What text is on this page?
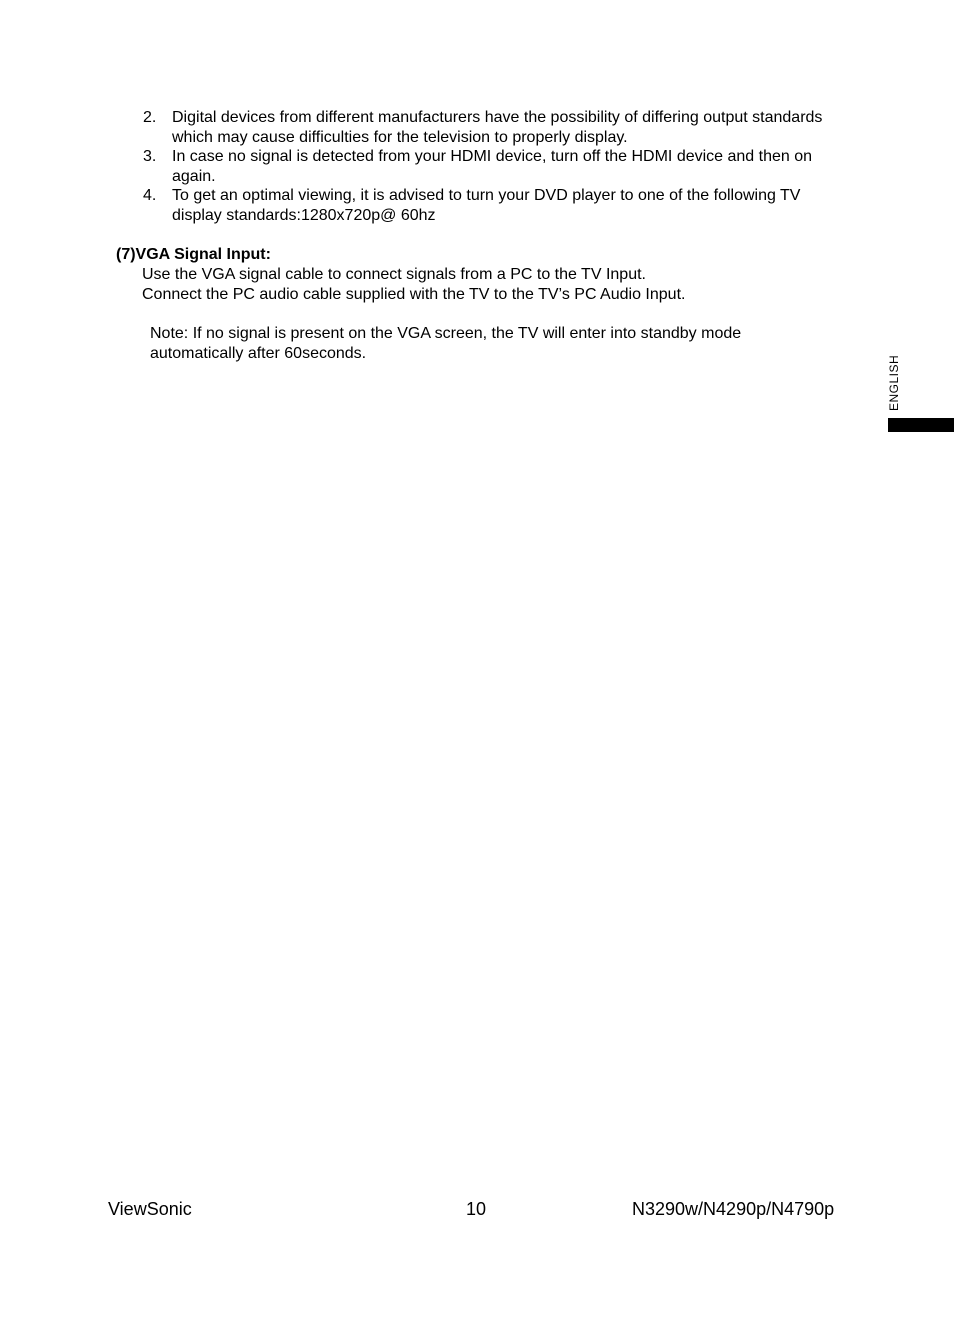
2. Digital devices from different manufacturers have the possibility of differing output standards which may cause difficulties for the television to properly display.
3. In case no signal is detected from your HDMI device, turn off the HDMI device and then on again.
4. To get an optimal viewing, it is advised to turn your DVD player to one of the following TV display standards:1280x720p@ 60hz

(7)VGA Signal Input:

Use the VGA signal cable to connect signals from a PC to the TV Input.
Connect the PC audio cable supplied with the TV to the TV’s PC Audio Input.

Note: If no signal is present on the VGA screen, the TV will enter into standby mode automatically after 60seconds.

ENGLISH
ViewSonic	10	N3290w/N4290p/N4790p
